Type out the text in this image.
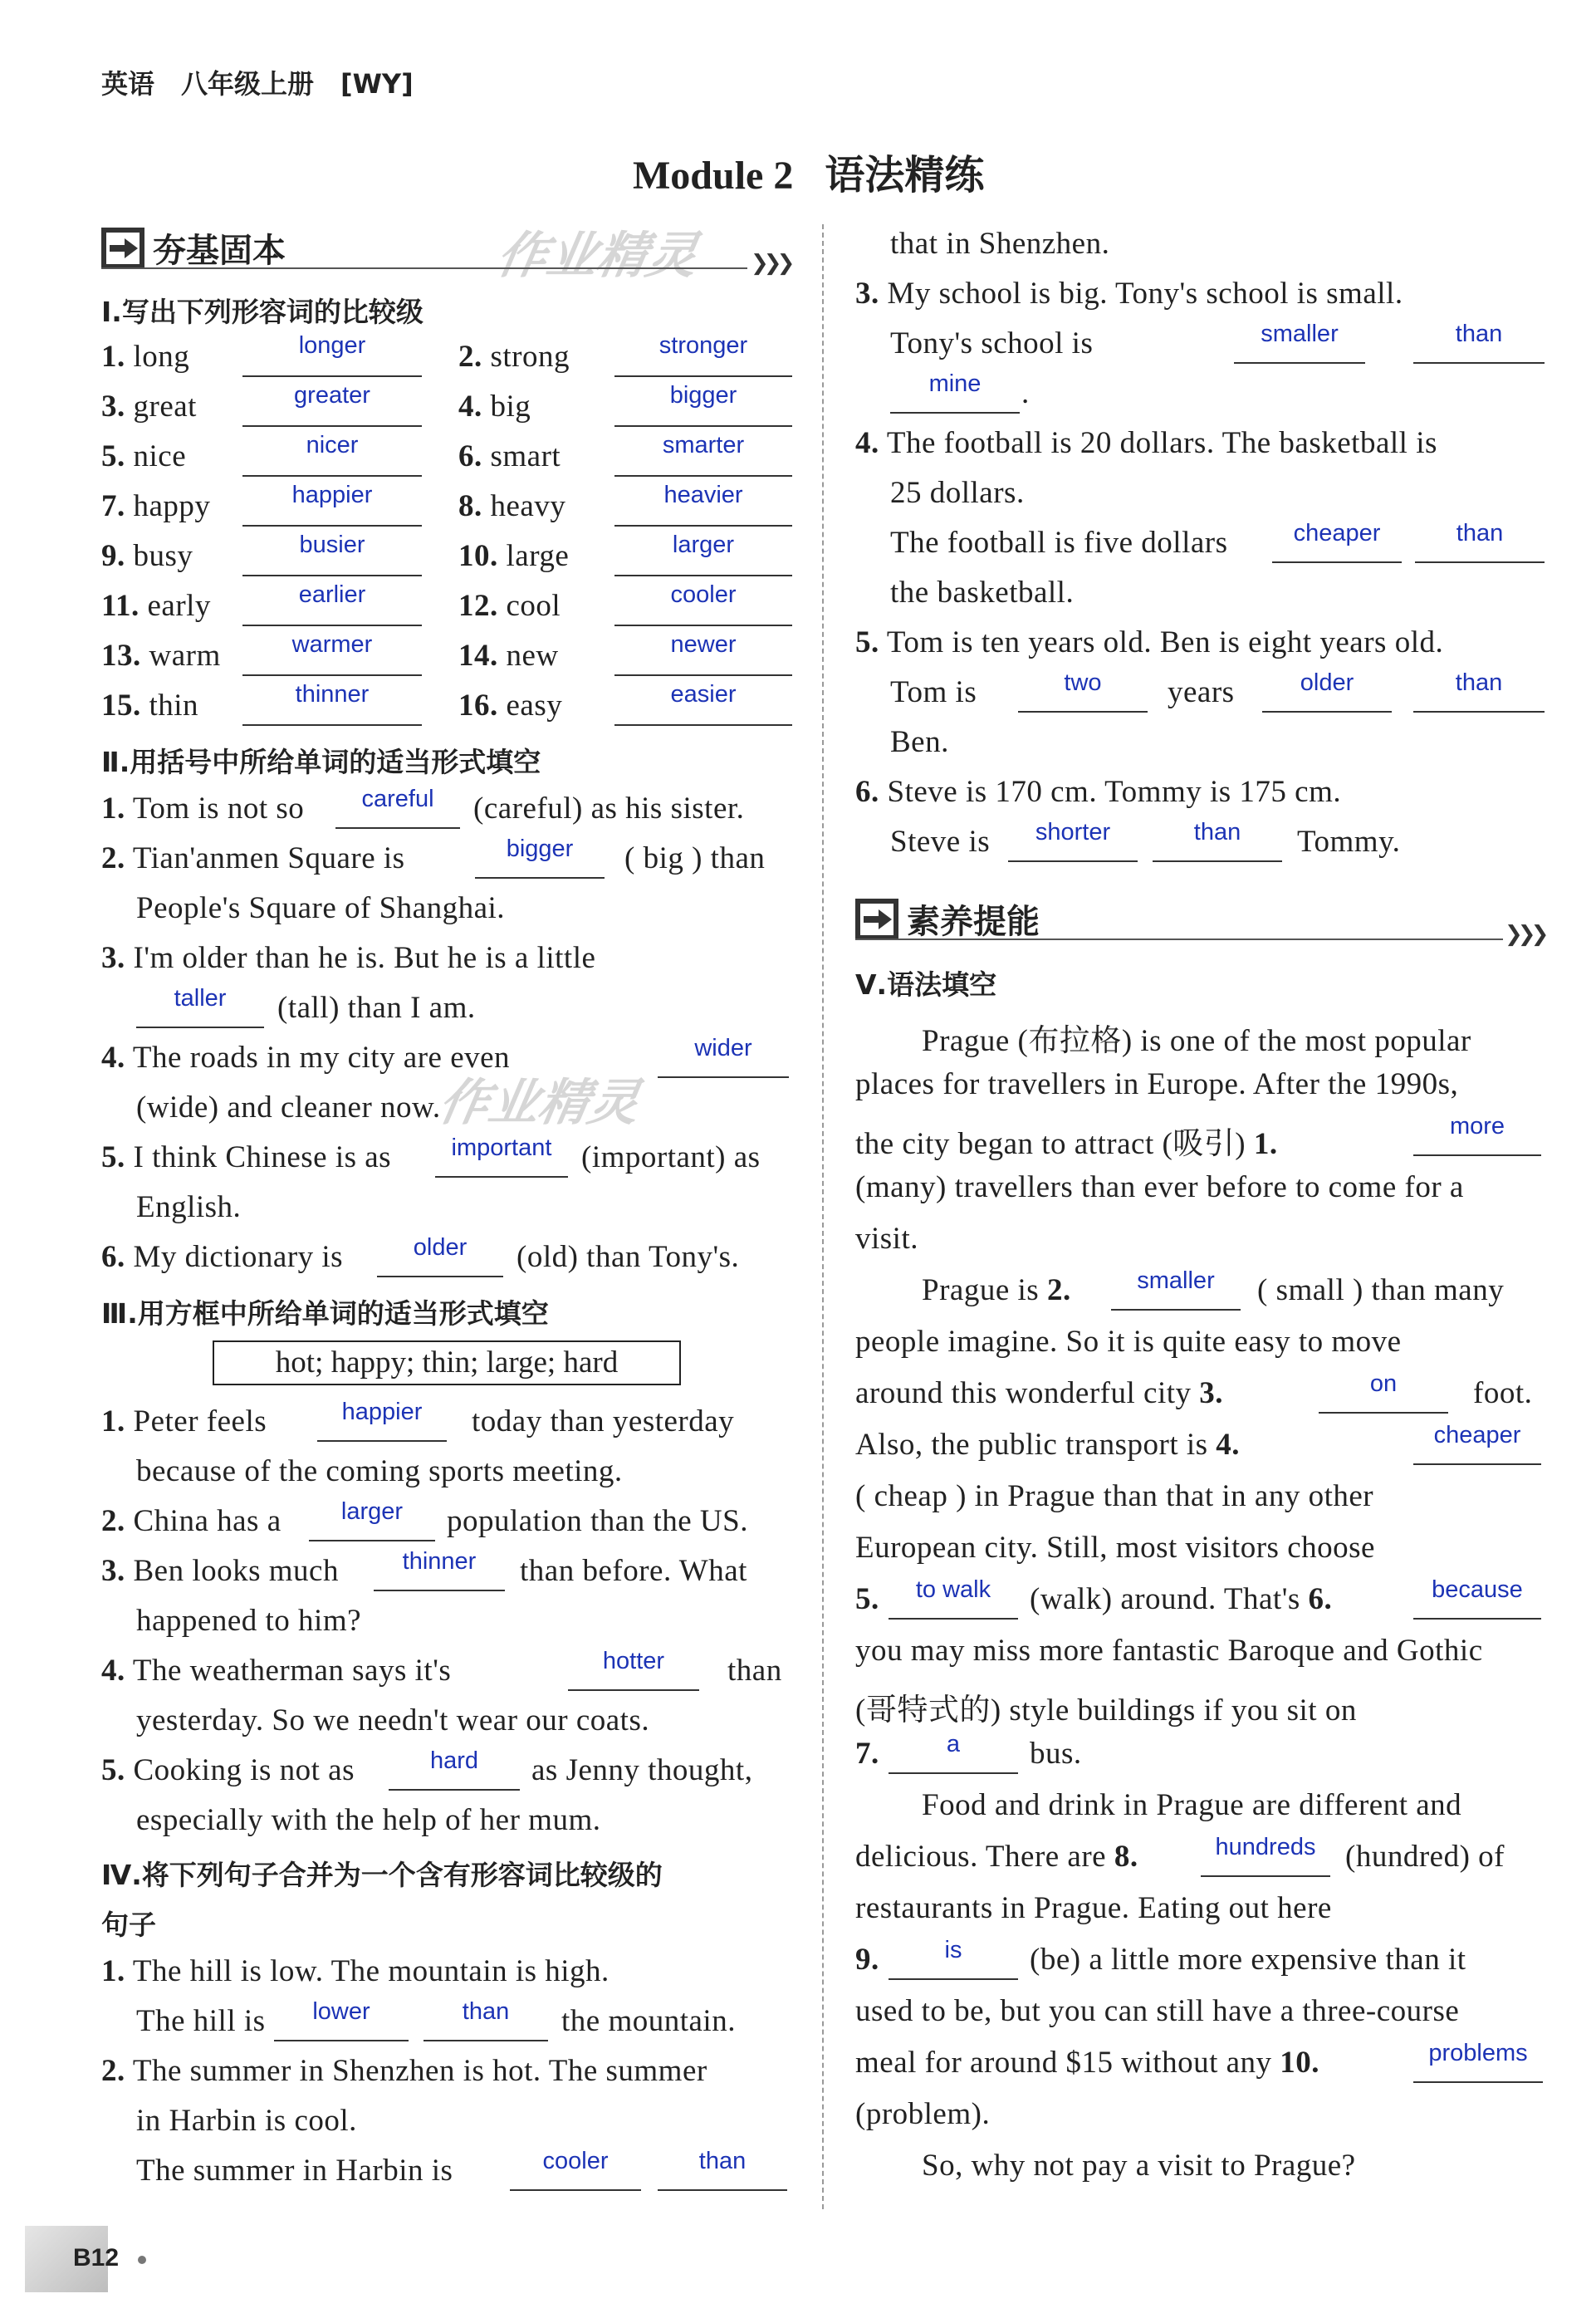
英语　八年级上册　[WY]
Module 2 语法精练
作业精灵
作业精灵
夯基固本	❯❯❯
Ⅰ.写出下列形容词的比较级
1. long	longer	2. strong	stronger
3. great	greater	4. big	bigger
5. nice	nicer	6. smart	smarter
7. happy	happier	8. heavy	heavier
9. busy	busier	10. large	larger
11. early	earlier	12. cool	cooler
13. warm	warmer	14. new	newer
15. thin	thinner	16. easy	easier
Ⅱ.用括号中所给单词的适当形式填空
1. Tom is not so	careful	(careful) as his sister.
2. Tian'anmen Square is	bigger	( big ) than
People's Square of Shanghai.
3. I'm older than he is. But he is a little
taller	(tall) than I am.
4. The roads in my city are even	wider
(wide) and cleaner now.
5. I think Chinese is as	important (important) as
English.
6. My dictionary is	older	(old) than Tony's.
Ⅲ.用方框中所给单词的适当形式填空
hot; happy; thin; large; hard
1. Peter feels	happier	today than yesterday
because of the coming sports meeting.
2. China has a	larger	population than the US.
3. Ben looks much	thinner	than before. What
happened to him?
4. The weatherman says it's	hotter	than
yesterday. So we needn't wear our coats.
5. Cooking is not as	hard	as Jenny thought,
especially with the help of her mum.
Ⅳ.将下列句子合并为一个含有形容词比较级的
句子
1. The hill is low. The mountain is high.
The hill is	lower	than	the mountain.
2. The summer in Shenzhen is hot. The summer
in Harbin is cool.
The summer in Harbin is	cooler	than
that in Shenzhen.
3. My school is big. Tony's school is small.
Tony's school is	smaller	than
mine	.
4. The football is 20 dollars. The basketball is
25 dollars.
The football is five dollars	cheaper	than
the basketball.
5. Tom is ten years old. Ben is eight years old.
Tom is	two	years	older	than
Ben.
6. Steve is 170 cm. Tommy is 175 cm.
Steve is	shorter	than	Tommy.
素养提能	❯❯❯
Ⅴ.语法填空
Prague (布拉格) is one of the most popular
places for travellers in Europe. After the 1990s,
the city began to attract (吸引) 1.
more
(many) travellers than ever before to come for a
visit.
Prague is 2.	smaller	( small ) than many
people imagine. So it is quite easy to move
around this wonderful city 3.	on	foot.
Also, the public transport is 4.	cheaper
( cheap ) in Prague than that in any other
European city. Still, most visitors choose
5.	to walk	(walk) around. That's 6.	because
you may miss more fantastic Baroque and Gothic
(哥特式的) style buildings if you sit on
7.	a	bus.
Food and drink in Prague are different and
delicious. There are 8.	hundreds (hundred) of
restaurants in Prague. Eating out here
9.	is	(be) a little more expensive than it
used to be, but you can still have a three-course
meal for around $15 without any 10.	problems
(problem).
So, why not pay a visit to Prague?
B12
